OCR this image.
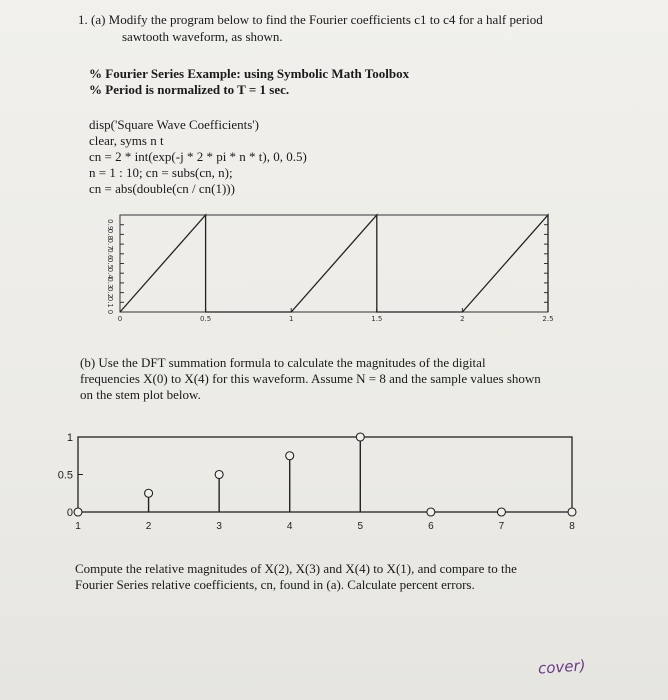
1. (a) Modify the program below to find the Fourier coefficients c1 to c4 for a half period
sawtooth waveform, as shown.
% Fourier Series Example: using Symbolic Math Toolbox
% Period is normalized to T = 1 sec.
disp('Square Wave Coefficients')
clear, syms n t
cn = 2 * int(exp(-j * 2 * pi * n * t), 0, 0.5)
n = 1 : 10; cn = subs(cn, n);
cn = abs(double(cn / cn(1)))
0.9
0.8
0.7
0.6
0.5
0.4
0.3
0.2
0.1
0
0	0.5	1	1.5	2	2.5
(b) Use the DFT summation formula to calculate the magnitudes of the digital
frequencies X(0) to X(4) for this waveform. Assume N = 8 and the sample values shown
on the stem plot below.
1
0.5
0
1	2	3	4	5	6	7	8
Compute the relative magnitudes of X(2), X(3) and X(4) to X(1), and compare to the
Fourier Series relative coefficients, cn, found in (a). Calculate percent errors.
cover)
